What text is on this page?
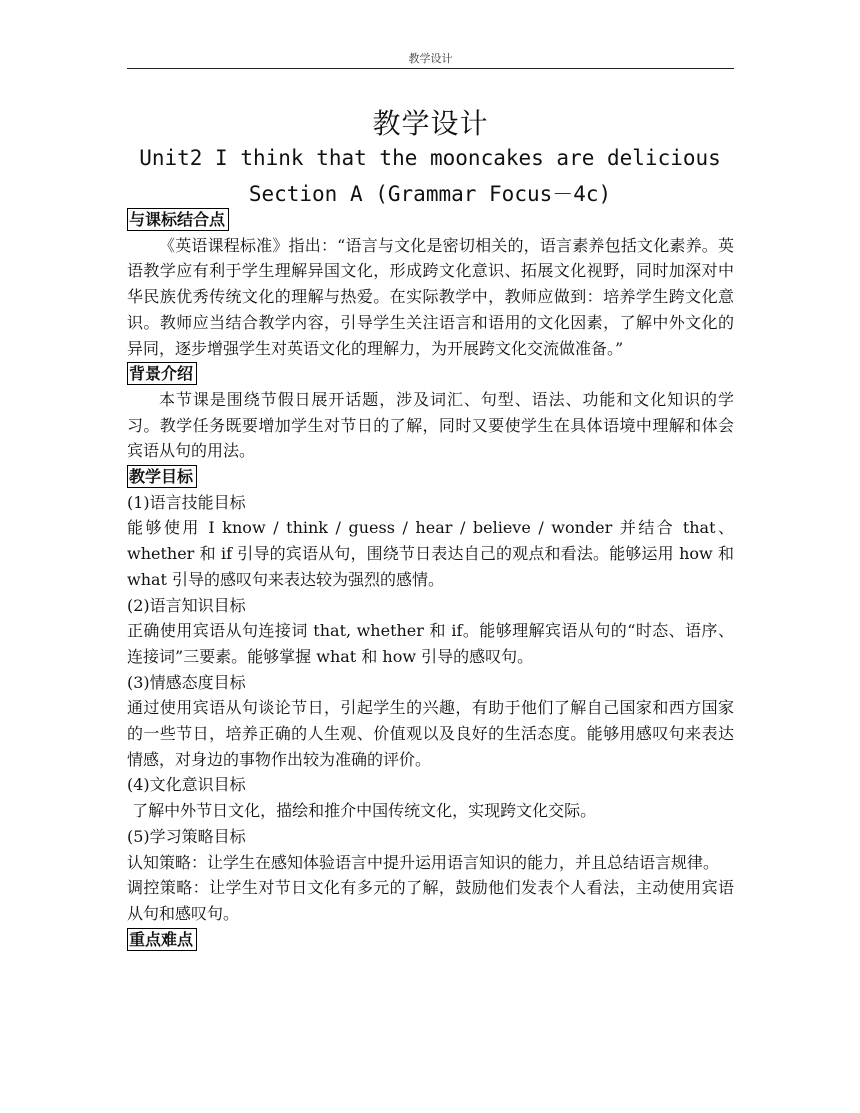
教学设计
教学设计
Unit2 I think that the mooncakes are delicious
Section A (Grammar Focus－4c)
与课标结合点

《英语课程标准》指出：“语言与文化是密切相关的，语言素养包括文化素养。英语教学应有利于学生理解异国文化，形成跨文化意识、拓展文化视野，同时加深对中华民族优秀传统文化的理解与热爱。在实际教学中，教师应做到：培养学生跨文化意识。教师应当结合教学内容，引导学生关注语言和语用的文化因素，了解中外文化的异同，逐步增强学生对英语文化的理解力，为开展跨文化交流做准备。”

背景介绍

本节课是围绕节假日展开话题，涉及词汇、句型、语法、功能和文化知识的学习。教学任务既要增加学生对节日的了解，同时又要使学生在具体语境中理解和体会宾语从句的用法。

教学目标

(1)语言技能目标

能够使用 I know / think / guess / hear / believe / wonder 并结合 that、whether 和 if 引导的宾语从句，围绕节日表达自己的观点和看法。能够运用 how 和 what 引导的感叹句来表达较为强烈的感情。

(2)语言知识目标

正确使用宾语从句连接词 that, whether 和 if。能够理解宾语从句的“时态、语序、连接词”三要素。能够掌握 what 和 how 引导的感叹句。

(3)情感态度目标

通过使用宾语从句谈论节日，引起学生的兴趣，有助于他们了解自己国家和西方国家的一些节日，培养正确的人生观、价值观以及良好的生活态度。能够用感叹句来表达情感，对身边的事物作出较为准确的评价。

(4)文化意识目标

了解中外节日文化，描绘和推介中国传统文化，实现跨文化交际。

(5)学习策略目标

认知策略：让学生在感知体验语言中提升运用语言知识的能力，并且总结语言规律。

调控策略：让学生对节日文化有多元的了解，鼓励他们发表个人看法，主动使用宾语从句和感叹句。

重点难点
